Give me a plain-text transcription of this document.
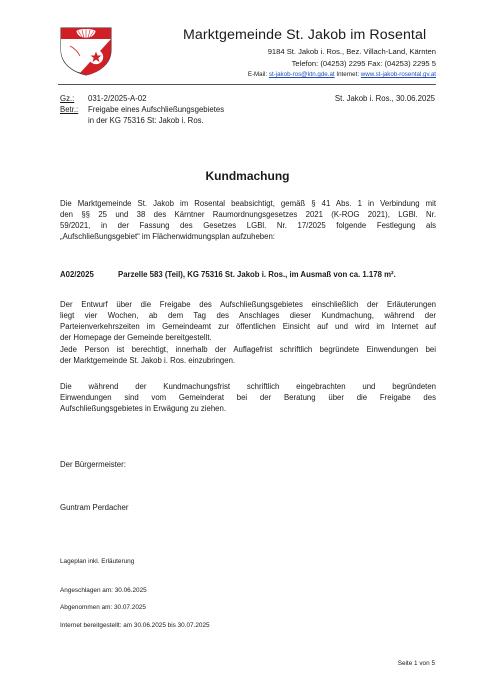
Marktgemeinde St. Jakob im Rosental
9184 St. Jakob i. Ros., Bez. Villach-Land, Kärnten
Telefon: (04253) 2295 Fax: (04253) 2295 5
E-Mail: st-jakob-ros@ktn.gde.at Internet: www.st-jakob-rosental.gv.at
Gz.: 031-2/2025-A-02	St. Jakob i. Ros., 30.06.2025
Betr.: Freigabe eines Aufschließungsgebietes
in der KG 75316 St: Jakob i. Ros.
Kundmachung
Die Marktgemeinde St. Jakob im Rosental beabsichtigt, gemäß § 41 Abs. 1 in Verbindung mit
den §§ 25 und 38 des Kärntner Raumordnungsgesetzes 2021 (K-ROG 2021), LGBl. Nr.
59/2021, in der Fassung des Gesetzes LGBl. Nr. 17/2025 folgende Festlegung als
„Aufschließungsgebiet“ im Flächenwidmungsplan aufzuheben:
A02/2025	Parzelle 583 (Teil), KG 75316 St. Jakob i. Ros., im Ausmaß von ca. 1.178 m².
Der Entwurf über die Freigabe des Aufschließungsgebietes einschließlich der Erläuterungen
liegt vier Wochen, ab dem Tag des Anschlages dieser Kundmachung, während der
Parteienverkehrszeiten im Gemeindeamt zur öffentlichen Einsicht auf und wird im Internet auf
der Homepage der Gemeinde bereitgestellt.
Jede Person ist berechtigt, innerhalb der Auflagefrist schriftlich begründete Einwendungen bei
der Marktgemeinde St. Jakob i. Ros. einzubringen.
Die während der Kundmachungsfrist schriftlich eingebrachten und begründeten
Einwendungen sind vom Gemeinderat bei der Beratung über die Freigabe des
Aufschließungsgebietes in Erwägung zu ziehen.
Der Bürgermeister:
Guntram Perdacher
Lageplan inkl. Erläuterung
Angeschlagen am: 30.06.2025
Abgenommen am: 30.07.2025
Internet bereitgestellt: am 30.06.2025 bis 30.07.2025
Seite 1 von 5
